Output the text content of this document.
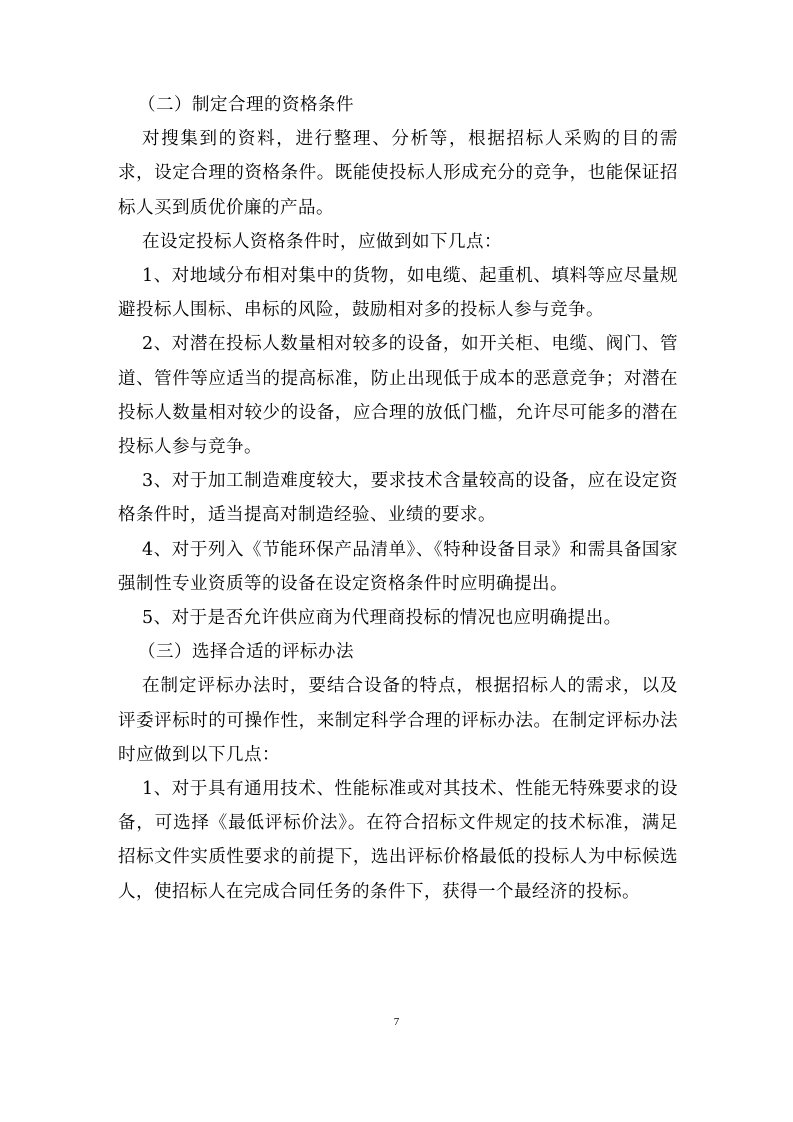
（二）制定合理的资格条件

对搜集到的资料，进行整理、分析等，根据招标人采购的目的需求，设定合理的资格条件。既能使投标人形成充分的竞争，也能保证招标人买到质优价廉的产品。

在设定投标人资格条件时，应做到如下几点：

1、对地域分布相对集中的货物，如电缆、起重机、填料等应尽量规避投标人围标、串标的风险，鼓励相对多的投标人参与竞争。

2、对潜在投标人数量相对较多的设备，如开关柜、电缆、阀门、管道、管件等应适当的提高标准，防止出现低于成本的恶意竞争；对潜在投标人数量相对较少的设备，应合理的放低门槛，允许尽可能多的潜在投标人参与竞争。

3、对于加工制造难度较大，要求技术含量较高的设备，应在设定资格条件时，适当提高对制造经验、业绩的要求。

4、对于列入《节能环保产品清单》、《特种设备目录》和需具备国家强制性专业资质等的设备在设定资格条件时应明确提出。

5、对于是否允许供应商为代理商投标的情况也应明确提出。

（三）选择合适的评标办法

在制定评标办法时，要结合设备的特点，根据招标人的需求，以及评委评标时的可操作性，来制定科学合理的评标办法。在制定评标办法时应做到以下几点：

1、对于具有通用技术、性能标准或对其技术、性能无特殊要求的设备，可选择《最低评标价法》。在符合招标文件规定的技术标准，满足招标文件实质性要求的前提下，选出评标价格最低的投标人为中标候选人，使招标人在完成合同任务的条件下，获得一个最经济的投标。

7
